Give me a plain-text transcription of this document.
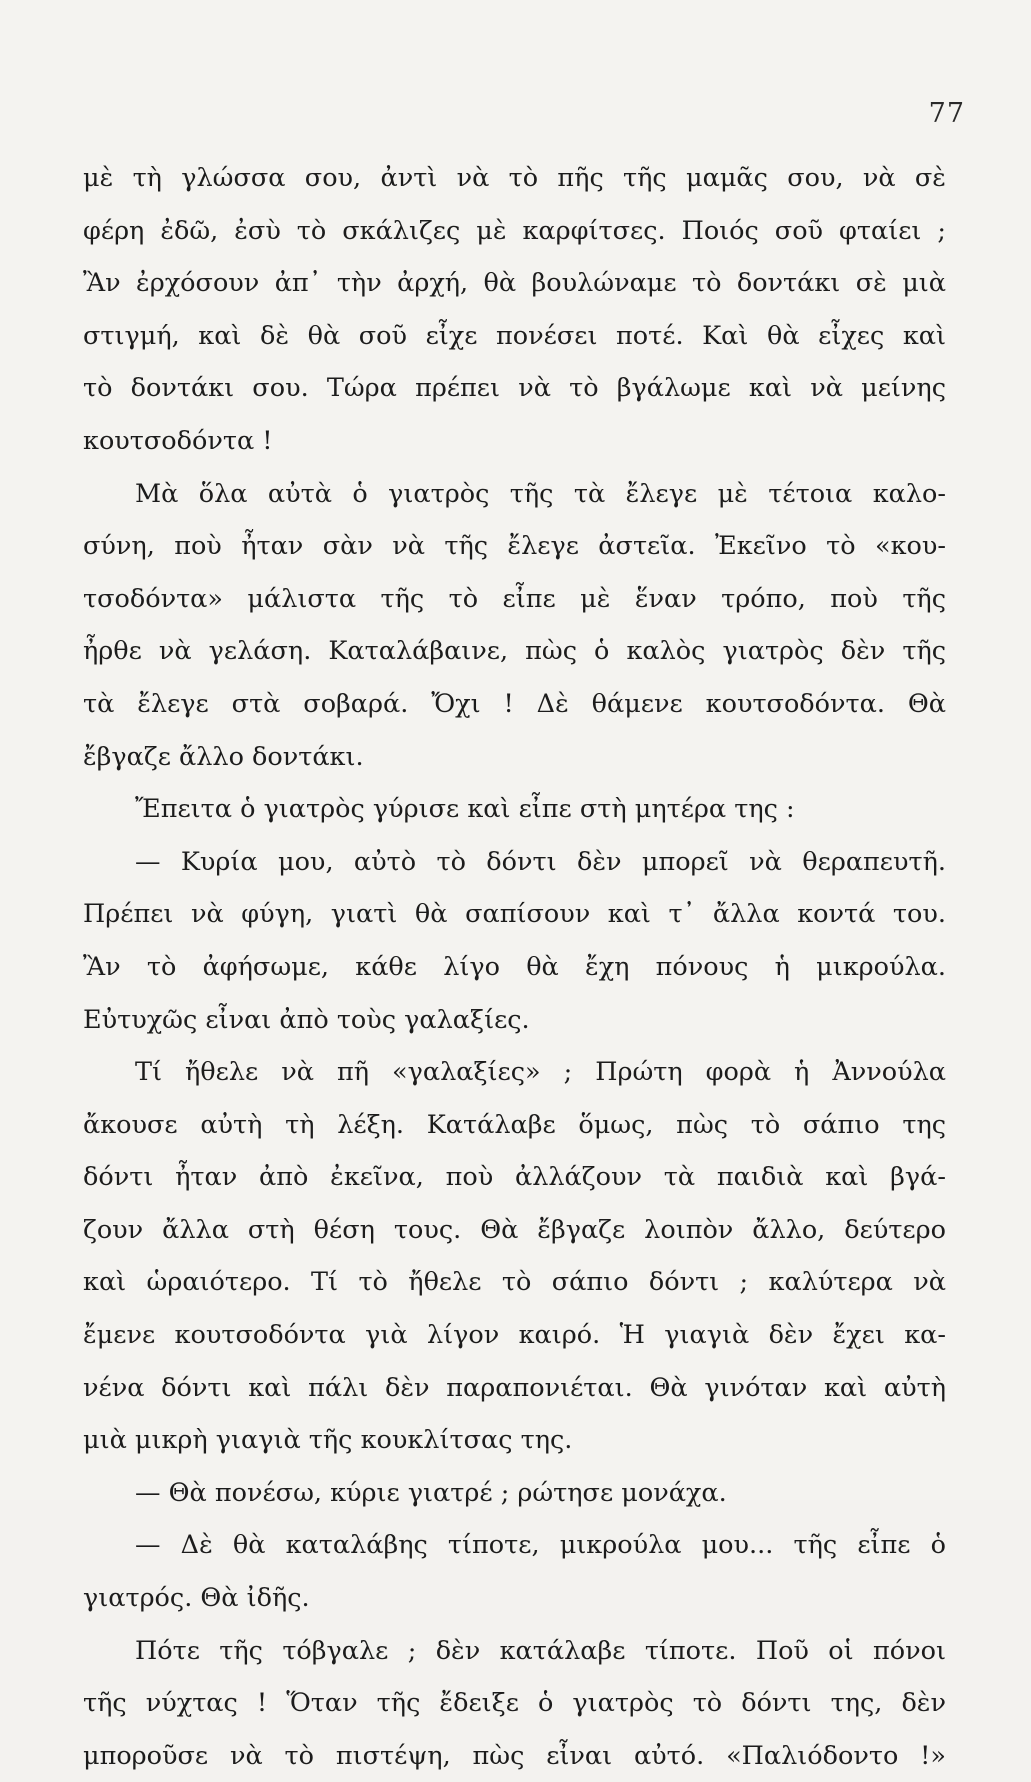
77
μὲ τὴ γλώσσα σου, ἀντὶ νὰ τὸ πῆς τῆς μαμᾶς σου, νὰ σὲ
φέρη ἐδῶ, ἐσὺ τὸ σκάλιζες μὲ καρφίτσες. Ποιός σοῦ φταίει ;
Ἂν ἐρχόσουν ἀπ᾿ τὴν ἀρχή, θὰ βουλώναμε τὸ δοντάκι σὲ μιὰ
στιγμή, καὶ δὲ θὰ σοῦ εἶχε πονέσει ποτέ. Καὶ θὰ εἶχες καὶ
τὸ δοντάκι σου. Τώρα πρέπει νὰ τὸ βγάλωμε καὶ νὰ μείνης
κουτσοδόντα !
Μὰ ὅλα αὐτὰ ὁ γιατρὸς τῆς τὰ ἔλεγε μὲ τέτοια καλο-
σύνη, ποὺ ἦταν σὰν νὰ τῆς ἔλεγε ἀστεῖα. Ἐκεῖνο τὸ «κου-
τσοδόντα» μάλιστα τῆς τὸ εἶπε μὲ ἕναν τρόπο, ποὺ τῆς
ἦρθε νὰ γελάση. Καταλάβαινε, πὼς ὁ καλὸς γιατρὸς δὲν τῆς
τὰ ἔλεγε στὰ σοβαρά. Ὄχι ! Δὲ θάμενε κουτσοδόντα. Θὰ
ἔβγαζε ἄλλο δοντάκι.
Ἔπειτα ὁ γιατρὸς γύρισε καὶ εἶπε στὴ μητέρα της :
— Κυρία μου, αὐτὸ τὸ δόντι δὲν μπορεῖ νὰ θεραπευτῆ.
Πρέπει νὰ φύγη, γιατὶ θὰ σαπίσουν καὶ τ᾿ ἄλλα κοντά του.
Ἂν τὸ ἀφήσωμε, κάθε λίγο θὰ ἔχη πόνους ἡ μικρούλα.
Εὐτυχῶς εἶναι ἀπὸ τοὺς γαλαξίες.
Τί ἤθελε νὰ πῆ «γαλαξίες» ; Πρώτη φορὰ ἡ Ἀννούλα
ἄκουσε αὐτὴ τὴ λέξη. Κατάλαβε ὅμως, πὼς τὸ σάπιο της
δόντι ἦταν ἀπὸ ἐκεῖνα, ποὺ ἀλλάζουν τὰ παιδιὰ καὶ βγά-
ζουν ἄλλα στὴ θέση τους. Θὰ ἔβγαζε λοιπὸν ἄλλο, δεύτερο
καὶ ὡραιότερο. Τί τὸ ἤθελε τὸ σάπιο δόντι ; καλύτερα νὰ
ἔμενε κουτσοδόντα γιὰ λίγον καιρό. Ἡ γιαγιὰ δὲν ἔχει κα-
νένα δόντι καὶ πάλι δὲν παραπονιέται. Θὰ γινόταν καὶ αὐτὴ
μιὰ μικρὴ γιαγιὰ τῆς κουκλίτσας της.
— Θὰ πονέσω, κύριε γιατρέ ; ρώτησε μονάχα.
— Δὲ θὰ καταλάβης τίποτε, μικρούλα μου... τῆς εἶπε ὁ
γιατρός. Θὰ ἰδῆς.
Πότε τῆς τόβγαλε ; δὲν κατάλαβε τίποτε. Ποῦ οἱ πόνοι
τῆς νύχτας ! Ὅταν τῆς ἔδειξε ὁ γιατρὸς τὸ δόντι της, δὲν
μποροῦσε νὰ τὸ πιστέψη, πὼς εἶναι αὐτό. «Παλιόδοντο !»
